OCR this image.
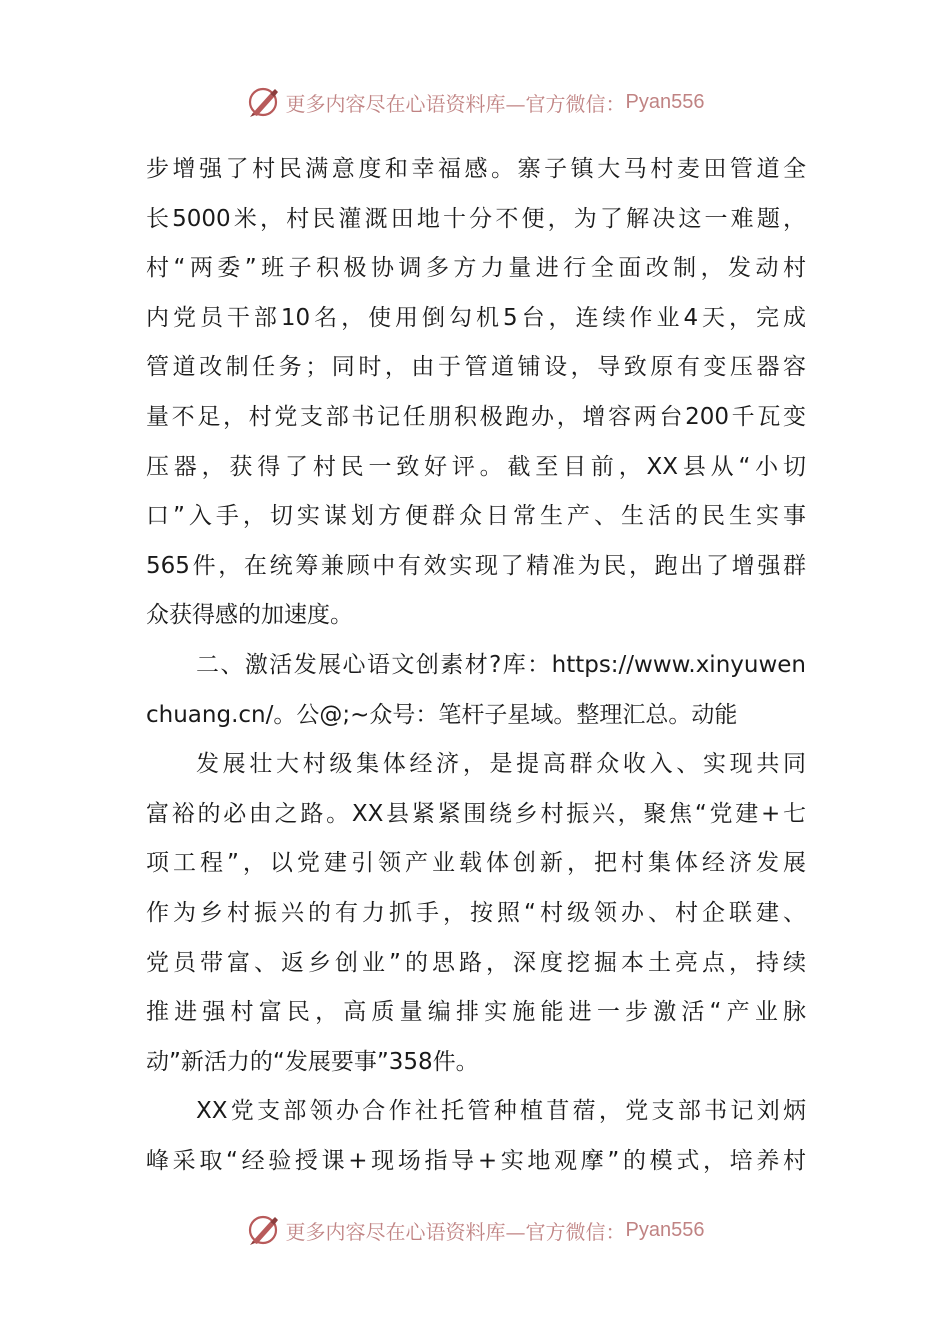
更多内容尽在心语资料库—官方微信： Pyan556
步增强了村民满意度和幸福感。寨子镇大马村麦田管道全
长5000米，村民灌溉田地十分不便，为了解决这一难题，
村“两委”班子积极协调多方力量进行全面改制，发动村
内党员干部10名，使用倒勾机5台，连续作业4天，完成
管道改制任务；同时，由于管道铺设，导致原有变压器容
量不足，村党支部书记任朋积极跑办，增容两台200千瓦变
压器，获得了村民一致好评。截至目前，XX县从“小切
口”入手，切实谋划方便群众日常生产、生活的民生实事
565件，在统筹兼顾中有效实现了精准为民，跑出了增强群
众获得感的加速度。
二、激活发展心语文创素材?库：https://www.xinyuwen
chuang.cn/。公@;~众号：笔杆子星域。整理汇总。动能
发展壮大村级集体经济，是提高群众收入、实现共同
富裕的必由之路。XX县紧紧围绕乡村振兴，聚焦“党建+七
项工程”，以党建引领产业载体创新，把村集体经济发展
作为乡村振兴的有力抓手，按照“村级领办、村企联建、
党员带富、返乡创业”的思路，深度挖掘本土亮点，持续
推进强村富民，高质量编排实施能进一步激活“产业脉
动”新活力的“发展要事”358件。
XX党支部领办合作社托管种植苜蓿，党支部书记刘炳
峰采取“经验授课+现场指导+实地观摩”的模式，培养村
更多内容尽在心语资料库—官方微信： Pyan556
